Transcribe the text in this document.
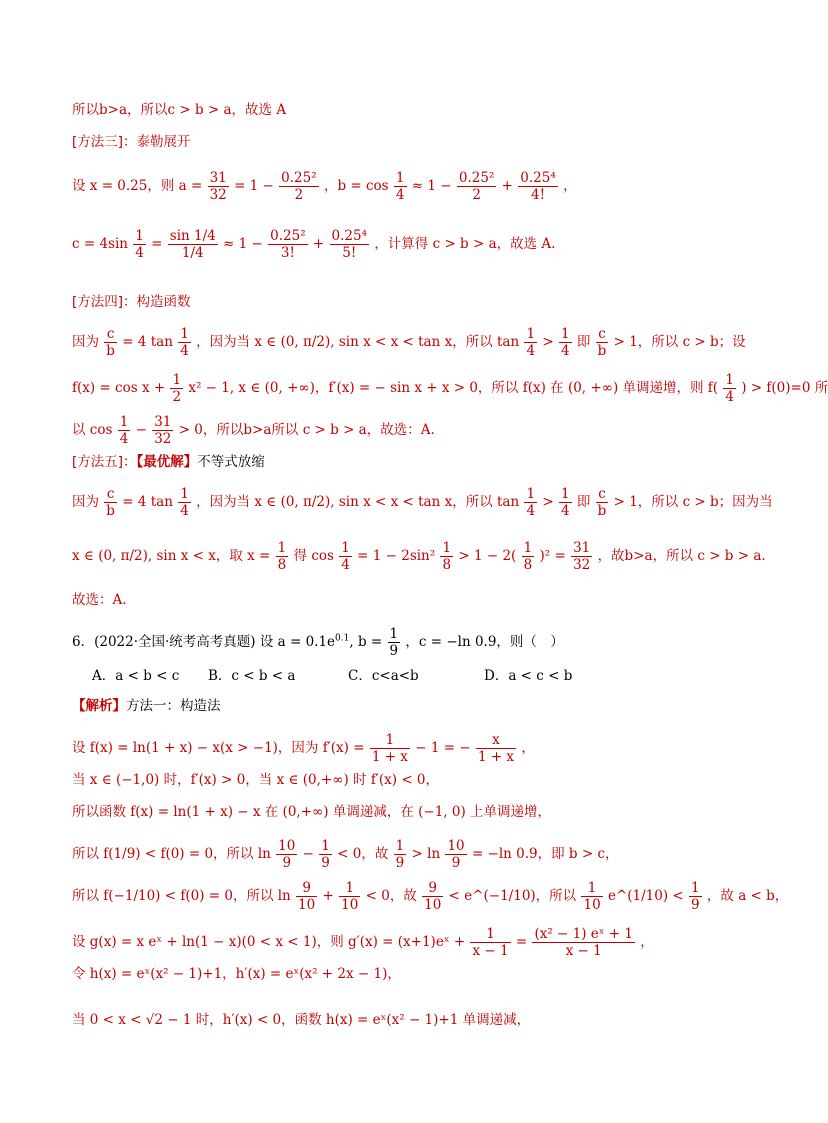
所以b>a，所以c > b > a，故选 A
[方法三]：泰勒展开
设 x = 0.25，则 $a = \frac{31}{32} = 1 - \frac{\text{0.25²}}{2}$ ，$b = \cos \frac{1}{4} \approx 1 - \frac{\text{0.25²}}{2} + \frac{\text{0.25⁴}}{4!}$ ，
$c = 4\sin \frac{1}{4} = \frac{\sin 1/4}{1/4} \approx 1 - \frac{\text{0.25²}}{3!} + \frac{\text{0.25⁴}}{5!}$ ，计算得 c > b > a，故选 A.
[方法四]：构造函数
因为 $\frac{c}{b} = 4$ $\tan \frac{1}{4}$ ，因为当 x ∈ (0, π/2), sin x < x < tan x，所以 $\tan \frac{1}{4} > \frac{1}{4}$ 即 $\frac{c}{b} > 1$，所以 c > b；设
$f(x) = \cos x + \frac{1}{2} x^2 - 1$, x ∈ (0, +∞)，f′(x) = − sin x + x > 0，所以 f(x) 在 (0, +∞) 单调递增，则 $f( \frac{1}{4}$ ) > f(0)=0 所
以 $\cos \frac{1}{4} - \frac{31}{32} > 0$，所以b>a所以 c > b > a，故选：A.
[方法五]：【最优解】不等式放缩
因为 $\frac{c}{b} = 4$ $\tan \frac{1}{4}$ ，因为当 x ∈ (0, π/2), sin x < x < tan x，所以 $\tan \frac{1}{4} > \frac{1}{4}$ 即 $\frac{c}{b} > 1$，所以 c > b；因为当
x ∈ (0, π/2), sin x < x，取 $x = \frac{1}{8}$ 得 $\cos \frac{1}{4} = 1 - 2\sin^2 \frac{1}{8} > 1 - 2( \frac{1}{8} )^2 = \frac{31}{32}$ ，故b>a，所以 c > b > a.
故选：A.
6．(2022·全国·统考高考真题) 设 $a = 0.1e^{0.1}$, $b = \frac{1}{9}$ ，c = −ln 0.9，则（　）
A．a < b < c B．c < b < a	C．c<a<b	D．a < c < b
【解析】方法一：构造法
设 f(x) = ln(1 + x) − x(x > −1)，因为 $f'(x) = \frac{1}{1 + x} - 1$ = − $\frac{x}{1 + x}$ ，
当 x ∈ (−1,0) 时，f′(x) > 0，当 x ∈ (0,+∞) 时 f′(x) < 0，
所以函数 f(x) = ln(1 + x) − x 在 (0,+∞) 单调递减，在 (−1, 0) 上单调递增，
所以 f(1/9) < f(0) = 0，所以 $\ln \frac{10}{9} - \frac{1}{9} < 0$，故 $\frac{1}{9} > \ln \frac{10}{9} = -\ln$ 0.9，即 b > c，
所以 f(−1/10) < f(0) = 0，所以 $\ln \frac{9}{10} + \frac{1}{10} < 0$，故 $\frac{9}{10}$ < e^(−1/10)，所以 $\frac{1}{10}$ e^(1/10) < $\frac{1}{9}$ ，故 a < b，
设 g(x) = x eˣ + ln(1 − x)(0 < x < 1)，则 g′(x) = (x+1)eˣ + $\frac{1}{x - 1} = \frac{\text{(x² − 1) eˣ + 1}}{x - 1}$ ，
令 h(x) = eˣ(x² − 1)+1，h′(x) = eˣ(x² + 2x − 1)，
当 0 < x < √2 − 1 时，h′(x) < 0，函数 h(x) = eˣ(x² − 1)+1 单调递减，
